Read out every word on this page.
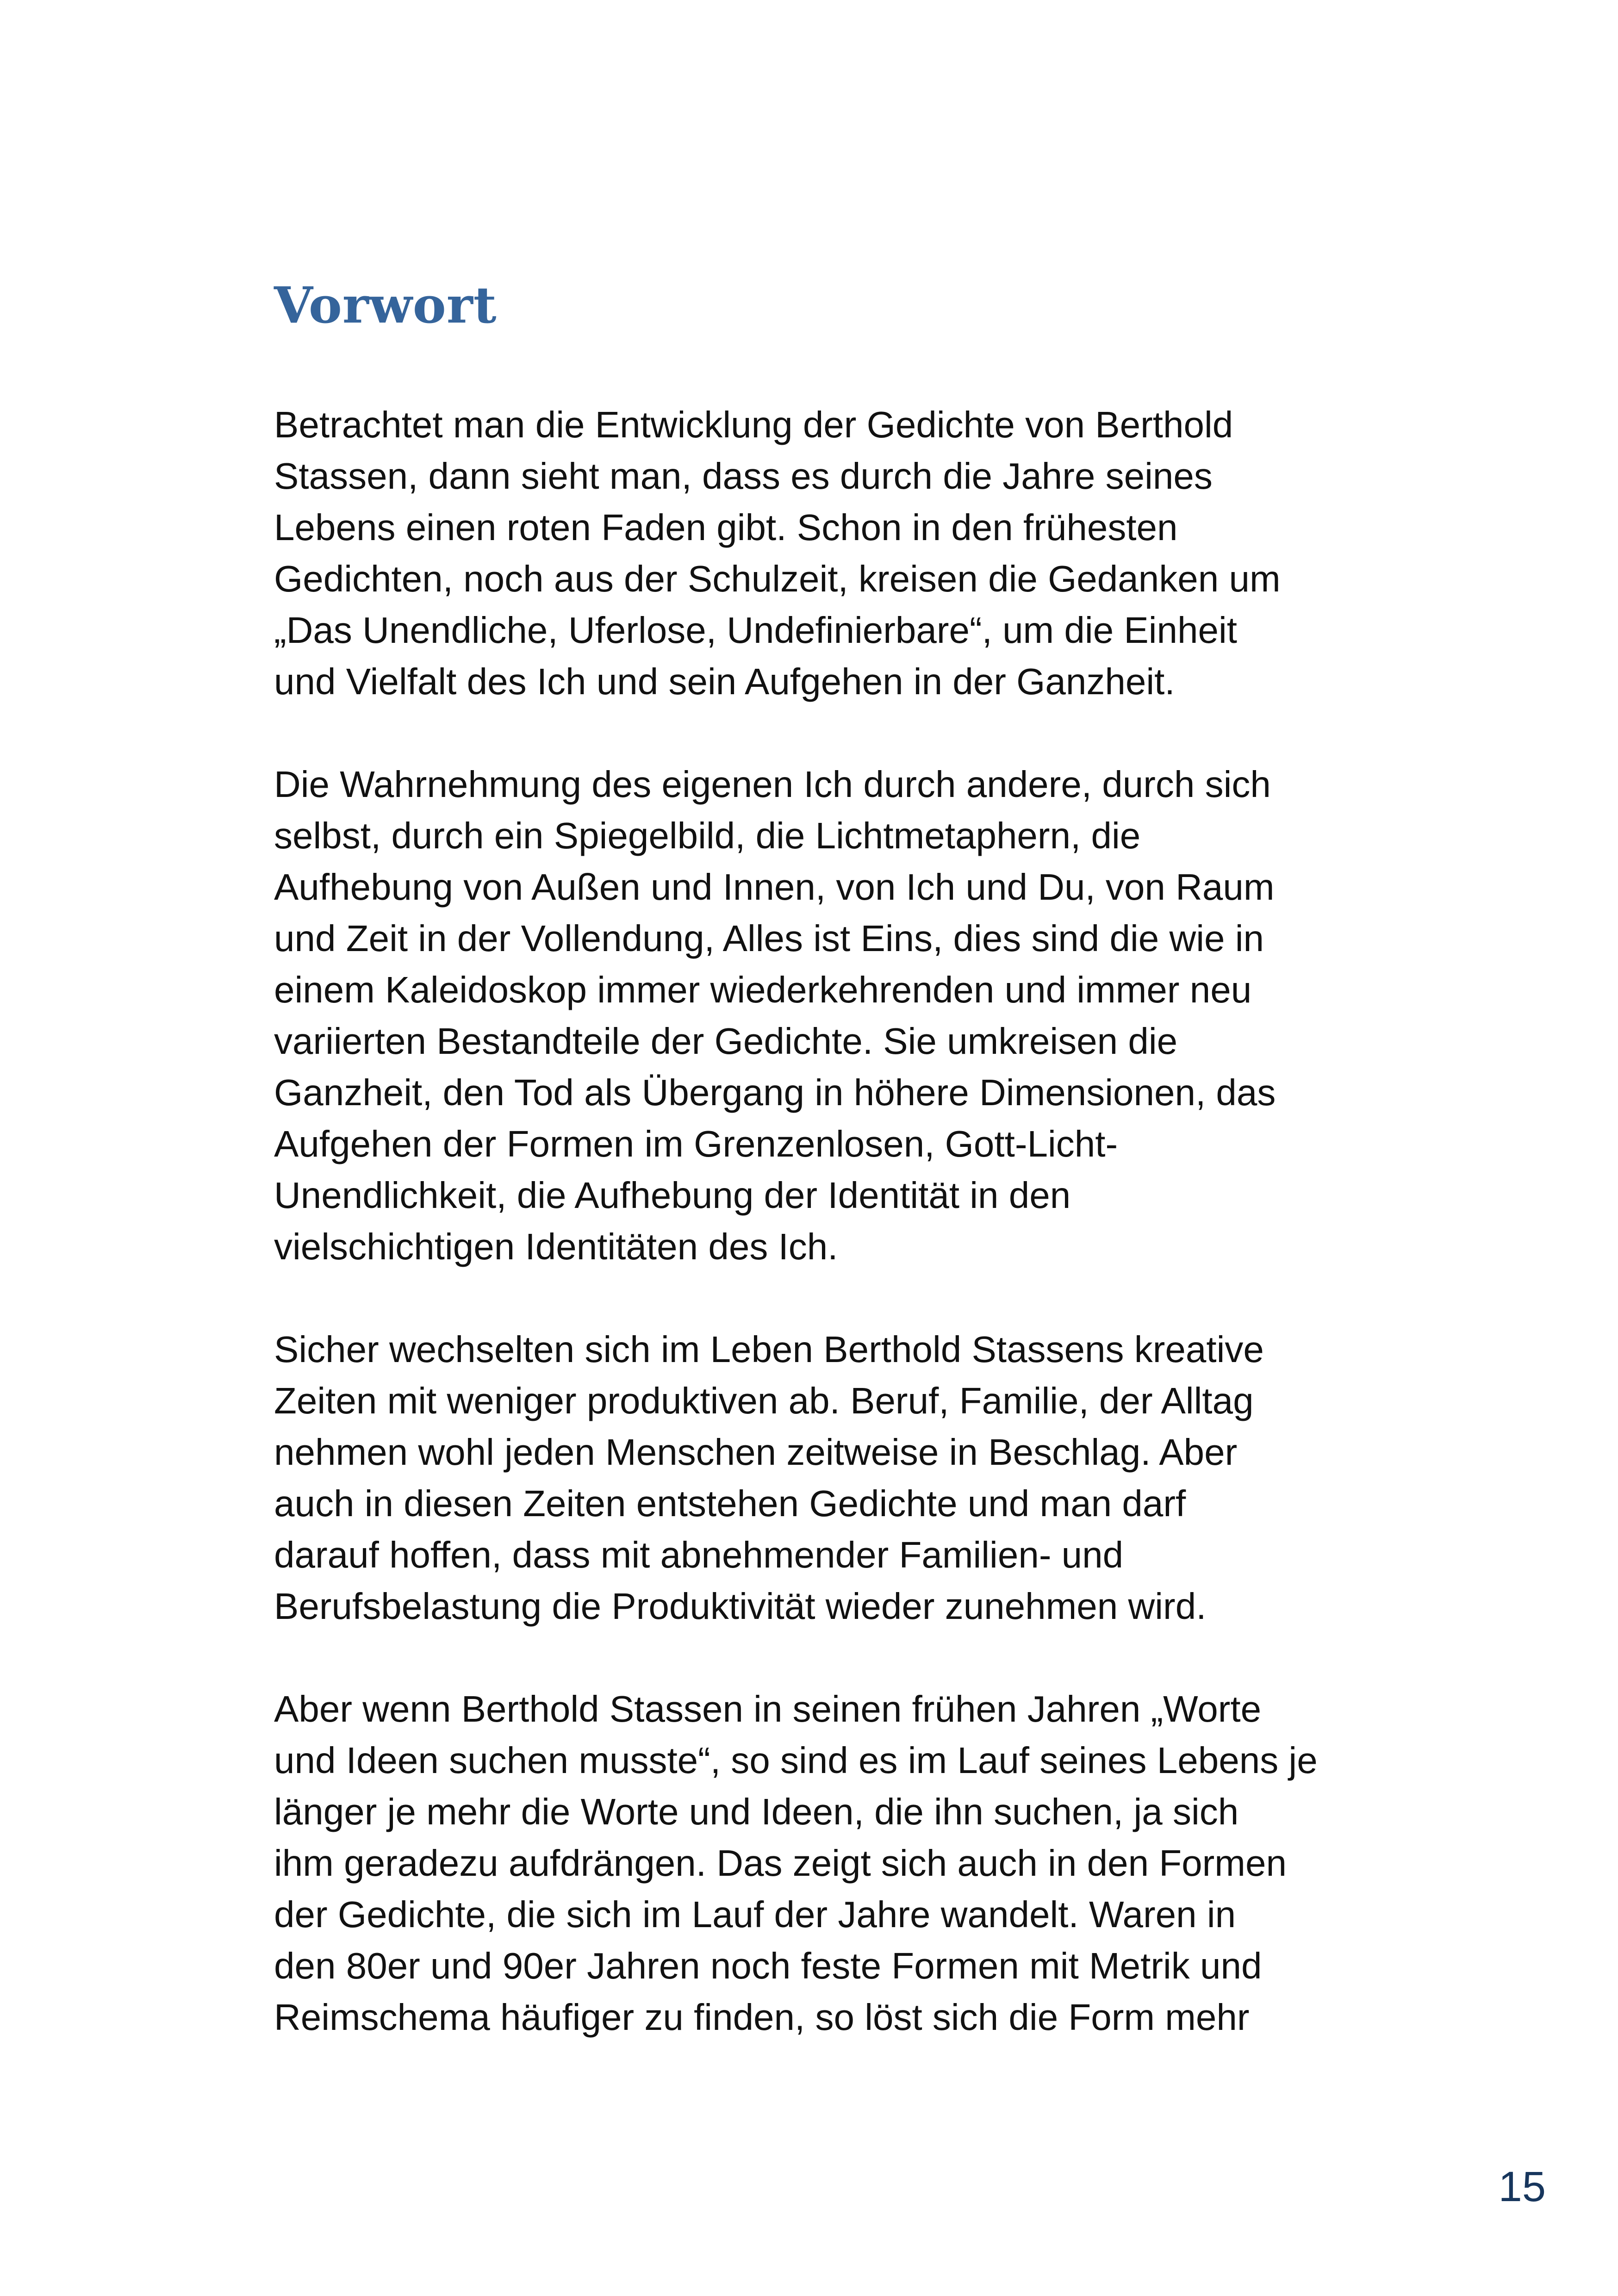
Vorwort

Betrachtet man die Entwicklung der Gedichte von Berthold
Stassen, dann sieht man, dass es durch die Jahre seines
Lebens einen roten Faden gibt. Schon in den frühesten
Gedichten, noch aus der Schulzeit, kreisen die Gedanken um
„Das Unendliche, Uferlose, Undefinierbare“, um die Einheit
und Vielfalt des Ich und sein Aufgehen in der Ganzheit.

Die Wahrnehmung des eigenen Ich durch andere, durch sich
selbst, durch ein Spiegelbild, die Lichtmetaphern, die
Aufhebung von Außen und Innen, von Ich und Du, von Raum
und Zeit in der Vollendung, Alles ist Eins, dies sind die wie in
einem Kaleidoskop immer wiederkehrenden und immer neu
variierten Bestandteile der Gedichte. Sie umkreisen die
Ganzheit, den Tod als Übergang in höhere Dimensionen, das
Aufgehen der Formen im Grenzenlosen, Gott-Licht-
Unendlichkeit, die Aufhebung der Identität in den
vielschichtigen Identitäten des Ich.

Sicher wechselten sich im Leben Berthold Stassens kreative
Zeiten mit weniger produktiven ab. Beruf, Familie, der Alltag
nehmen wohl jeden Menschen zeitweise in Beschlag. Aber
auch in diesen Zeiten entstehen Gedichte und man darf
darauf hoffen, dass mit abnehmender Familien- und
Berufsbelastung die Produktivität wieder zunehmen wird.

Aber wenn Berthold Stassen in seinen frühen Jahren „Worte
und Ideen suchen musste“, so sind es im Lauf seines Lebens je
länger je mehr die Worte und Ideen, die ihn suchen, ja sich
ihm geradezu aufdrängen. Das zeigt sich auch in den Formen
der Gedichte, die sich im Lauf der Jahre wandelt. Waren in
den 80er und 90er Jahren noch feste Formen mit Metrik und
Reimschema häufiger zu finden, so löst sich die Form mehr

15
